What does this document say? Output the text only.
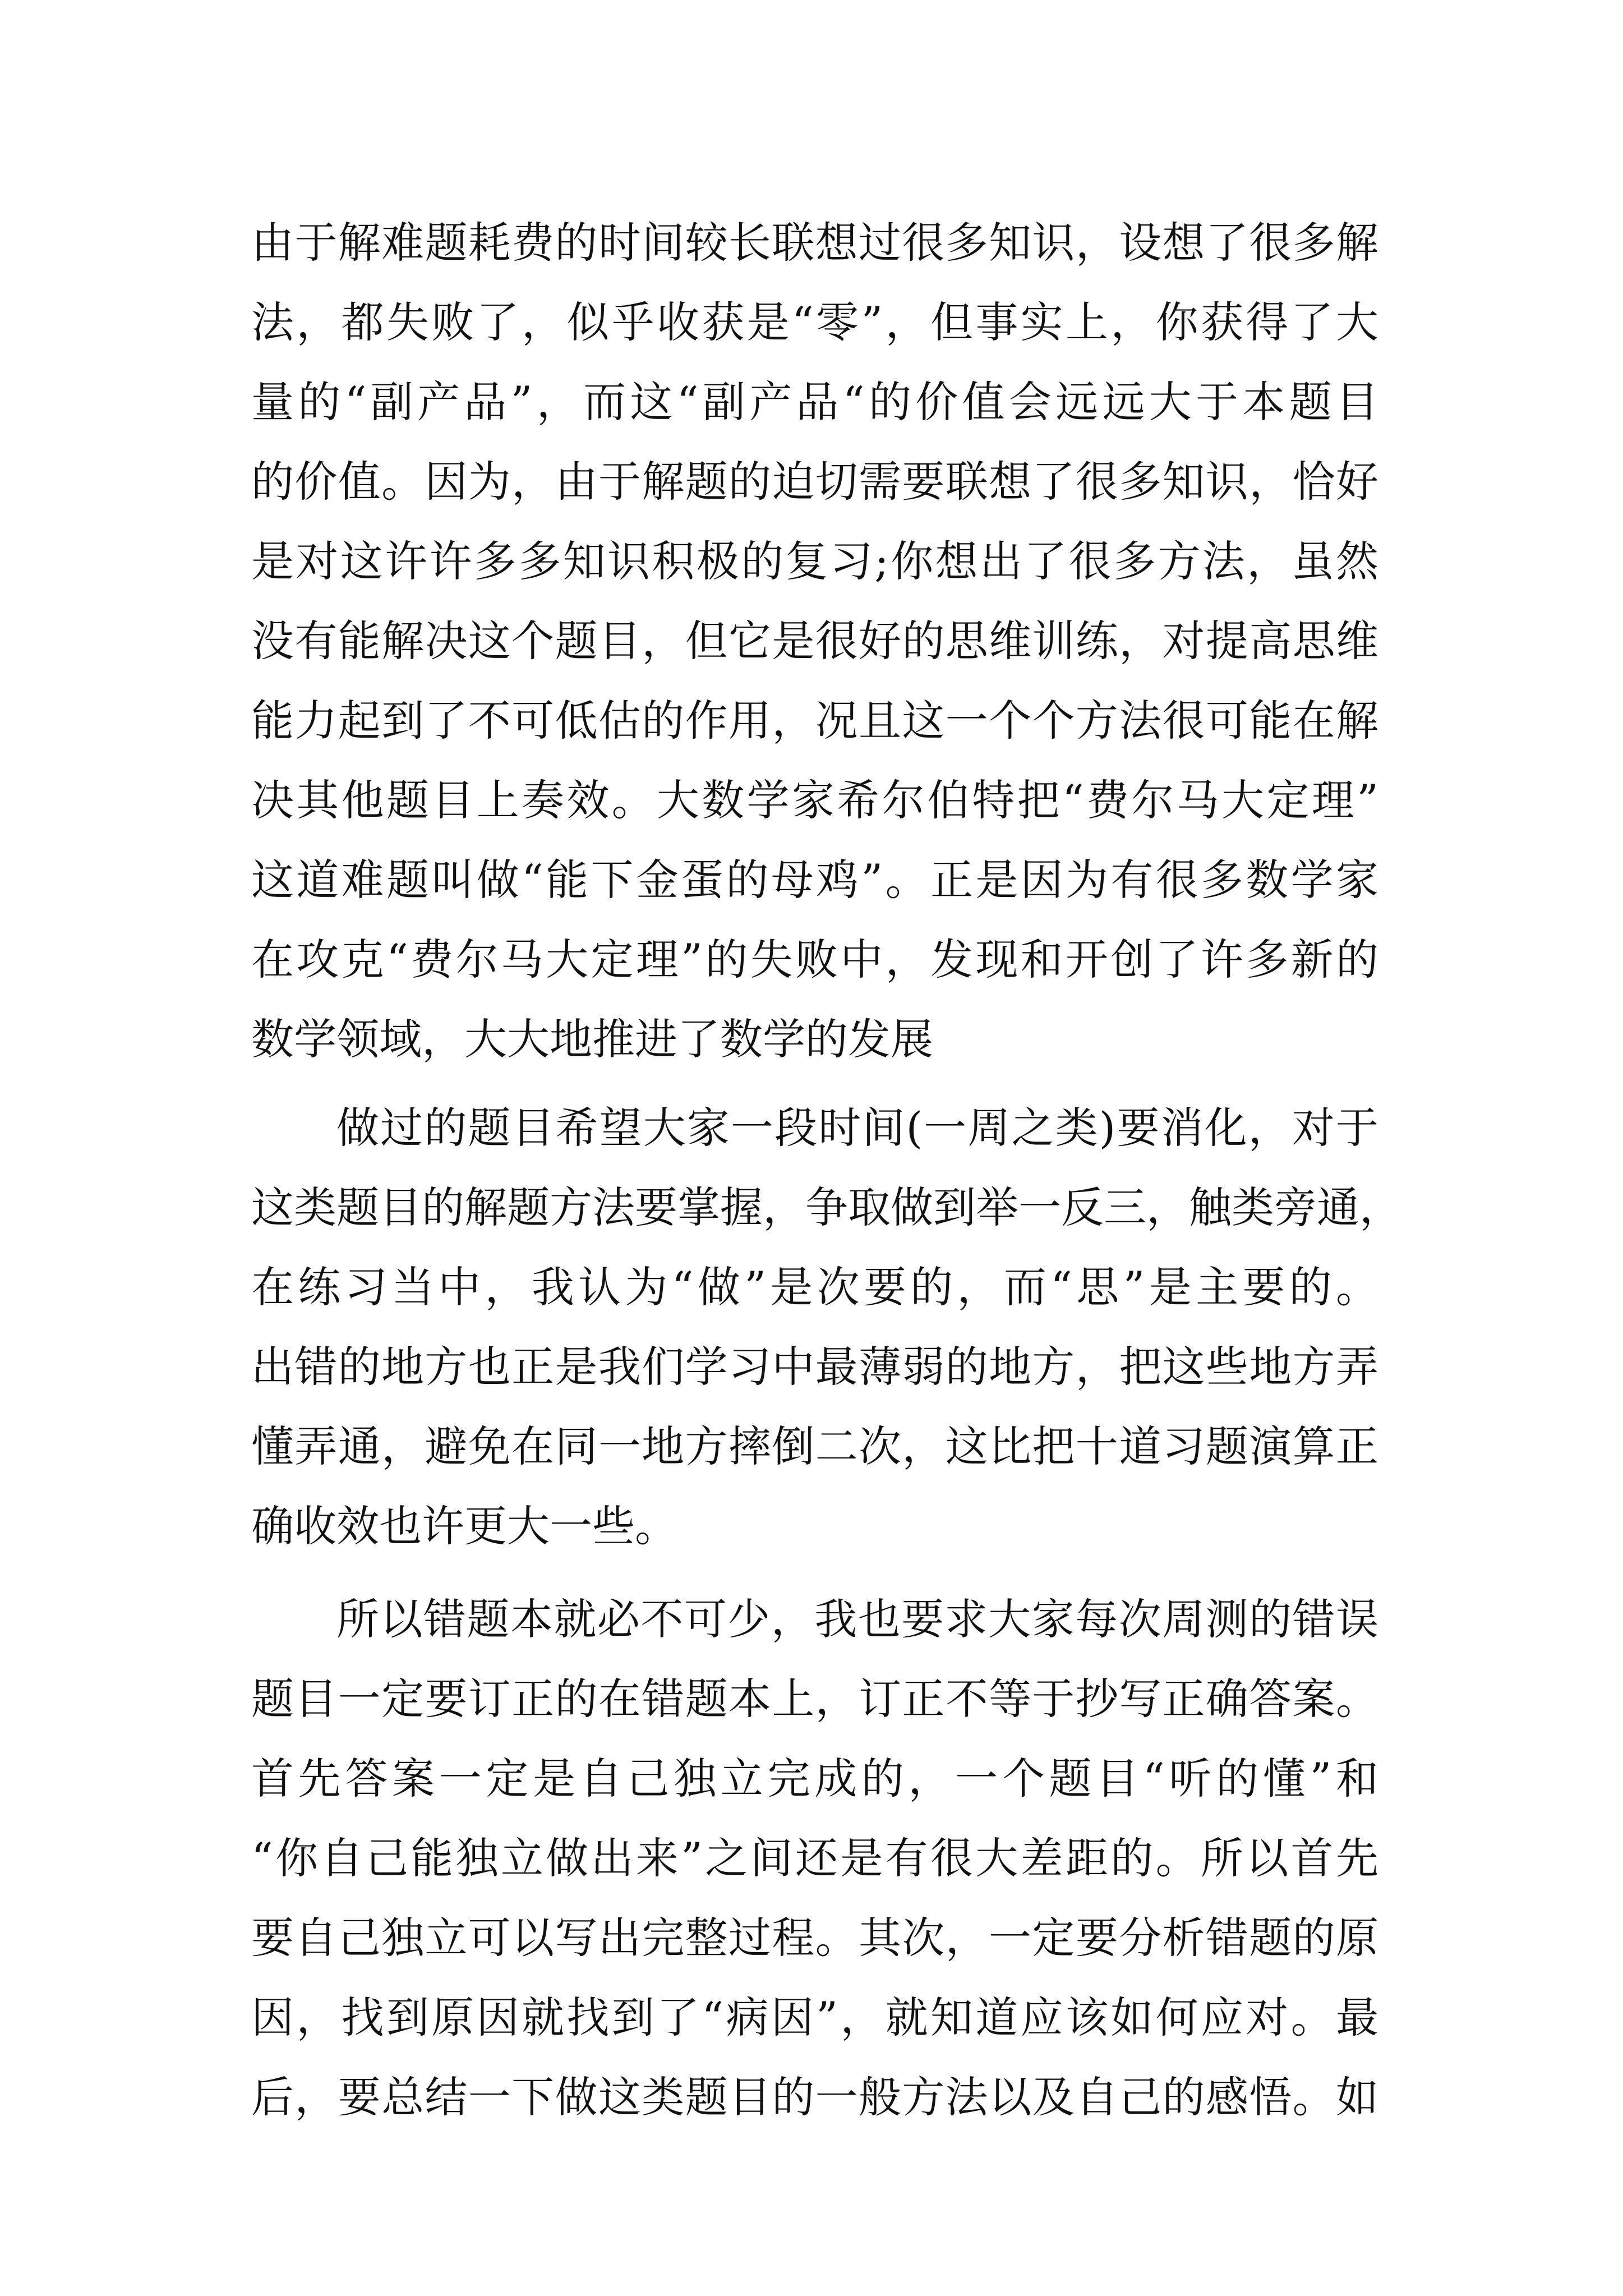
由于解难题耗费的时间较长联想过很多知识，设想了很多解
法，都失败了，似乎收获是“零”，但事实上，你获得了大
量的“副产品”，而这“副产品“的价值会远远大于本题目
的价值。因为，由于解题的迫切需要联想了很多知识，恰好
是对这许许多多知识积极的复习;你想出了很多方法，虽然
没有能解决这个题目，但它是很好的思维训练，对提高思维
能力起到了不可低估的作用，况且这一个个方法很可能在解
决其他题目上奏效。大数学家希尔伯特把“费尔马大定理”
这道难题叫做“能下金蛋的母鸡”。正是因为有很多数学家
在攻克“费尔马大定理”的失败中，发现和开创了许多新的
数学领域，大大地推进了数学的发展
做过的题目希望大家一段时间(一周之类)要消化，对于
这类题目的解题方法要掌握，争取做到举一反三，触类旁通，
在练习当中，我认为“做”是次要的，而“思”是主要的。
出错的地方也正是我们学习中最薄弱的地方，把这些地方弄
懂弄通，避免在同一地方摔倒二次，这比把十道习题演算正
确收效也许更大一些。
所以错题本就必不可少，我也要求大家每次周测的错误
题目一定要订正的在错题本上，订正不等于抄写正确答案。
首先答案一定是自己独立完成的，一个题目“听的懂”和
“你自己能独立做出来”之间还是有很大差距的。所以首先
要自己独立可以写出完整过程。其次，一定要分析错题的原
因，找到原因就找到了“病因”，就知道应该如何应对。最
后，要总结一下做这类题目的一般方法以及自己的感悟。如
